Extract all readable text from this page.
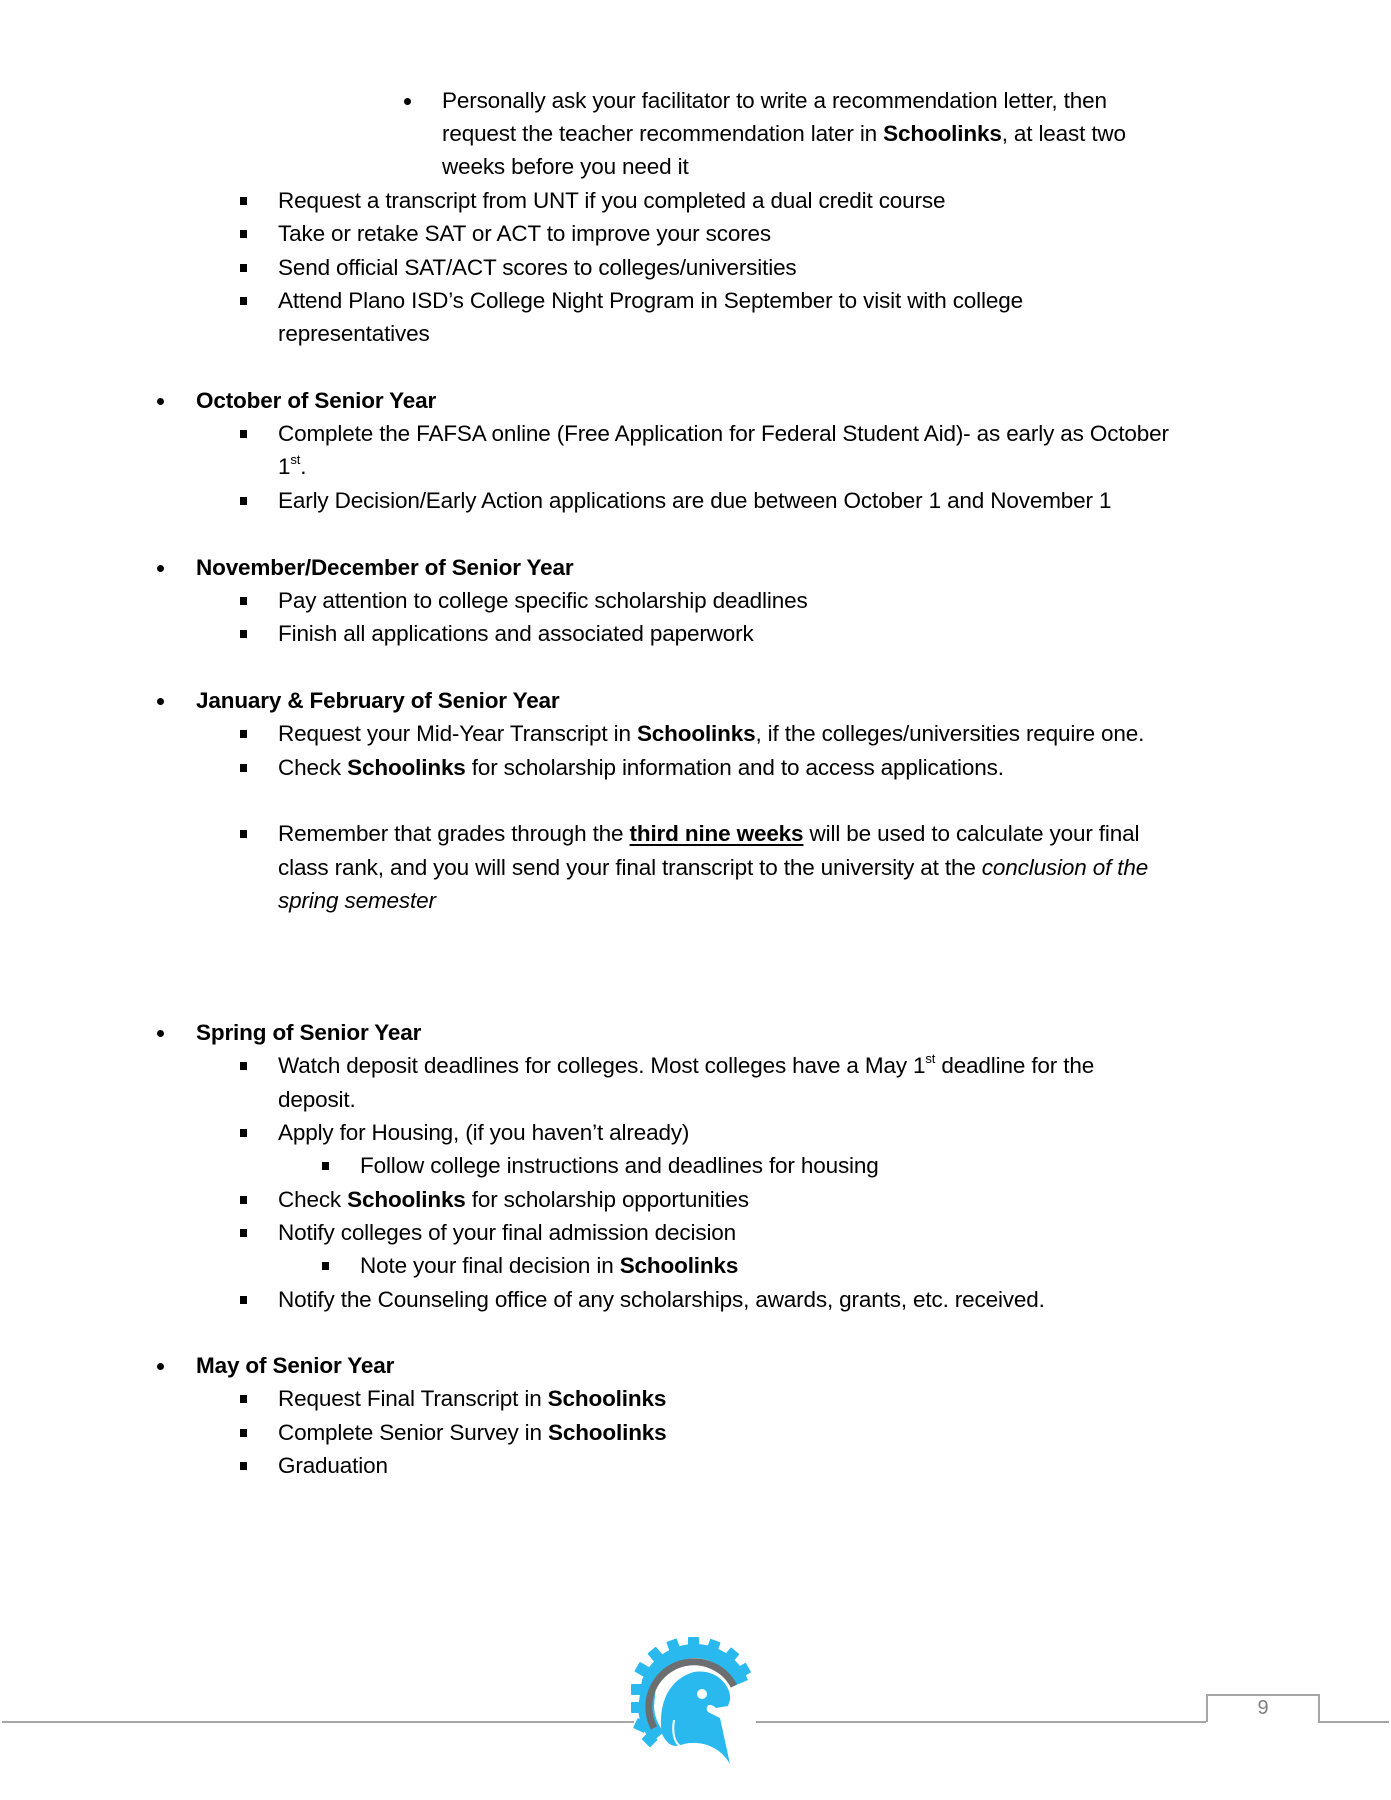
Personally ask your facilitator to write a recommendation letter, then
request the teacher recommendation later in Schoolinks, at least two
weeks before you need it
Request a transcript from UNT if you completed a dual credit course
Take or retake SAT or ACT to improve your scores
Send official SAT/ACT scores to colleges/universities
Attend Plano ISD’s College Night Program in September to visit with college
representatives
October of Senior Year
Complete the FAFSA online (Free Application for Federal Student Aid)- as early as October
1st.
Early Decision/Early Action applications are due between October 1 and November 1
November/December of Senior Year
Pay attention to college specific scholarship deadlines
Finish all applications and associated paperwork
January & February of Senior Year
Request your Mid-Year Transcript in Schoolinks, if the colleges/universities require one.
Check Schoolinks for scholarship information and to access applications.
Remember that grades through the third nine weeks will be used to calculate your final
class rank, and you will send your final transcript to the university at the conclusion of the
spring semester
Spring of Senior Year
Watch deposit deadlines for colleges. Most colleges have a May 1st deadline for the
deposit.
Apply for Housing, (if you haven’t already)
Follow college instructions and deadlines for housing
Check Schoolinks for scholarship opportunities
Notify colleges of your final admission decision
Note your final decision in Schoolinks
Notify the Counseling office of any scholarships, awards, grants, etc. received.
May of Senior Year
Request Final Transcript in Schoolinks
Complete Senior Survey in Schoolinks
Graduation
9
